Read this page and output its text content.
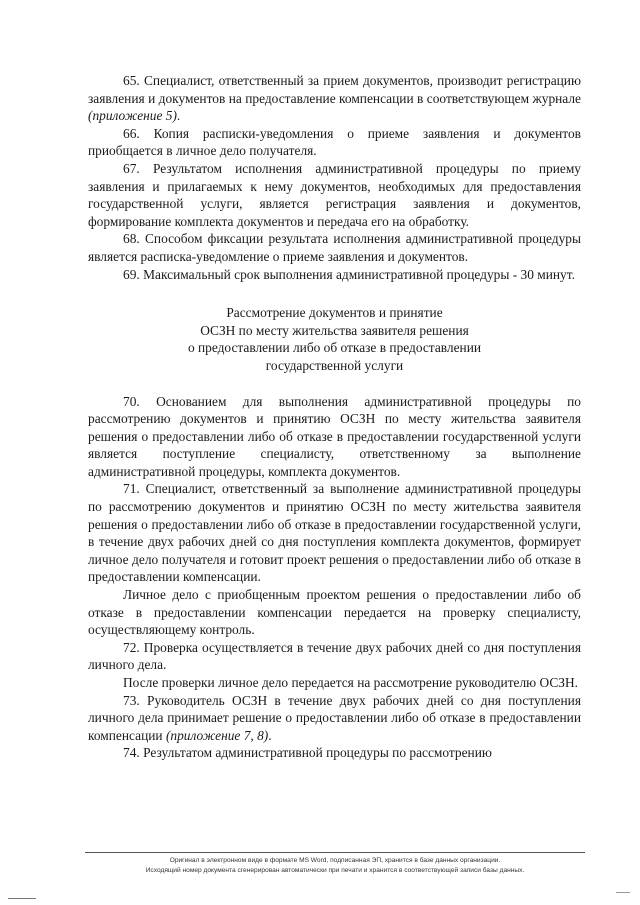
65. Специалист, ответственный за прием документов, производит регистрацию заявления и документов на предоставление компенсации в соответствующем журнале (приложение 5).

66. Копия расписки-уведомления о приеме заявления и документов приобщается в личное дело получателя.

67. Результатом исполнения административной процедуры по приему заявления и прилагаемых к нему документов, необходимых для предоставления государственной услуги, является регистрация заявления и документов, формирование комплекта документов и передача его на обработку.

68. Способом фиксации результата исполнения административной процедуры является расписка-уведомление о приеме заявления и документов.

69. Максимальный срок выполнения административной процедуры - 30 минут.

Рассмотрение документов и принятие
ОСЗН по месту жительства заявителя решения
о предоставлении либо об отказе в предоставлении
государственной услуги

70. Основанием для выполнения административной процедуры по рассмотрению документов и принятию ОСЗН по месту жительства заявителя решения о предоставлении либо об отказе в предоставлении государственной услуги является поступление специалисту, ответственному за выполнение административной процедуры, комплекта документов.

71. Специалист, ответственный за выполнение административной процедуры по рассмотрению документов и принятию ОСЗН по месту жительства заявителя решения о предоставлении либо об отказе в предоставлении государственной услуги, в течение двух рабочих дней со дня поступления комплекта документов, формирует личное дело получателя и готовит проект решения о предоставлении либо об отказе в предоставлении компенсации.

Личное дело с приобщенным проектом решения о предоставлении либо об отказе в предоставлении компенсации передается на проверку специалисту, осуществляющему контроль.

72. Проверка осуществляется в течение двух рабочих дней со дня поступления личного дела.

После проверки личное дело передается на рассмотрение руководителю ОСЗН.

73. Руководитель ОСЗН в течение двух рабочих дней со дня поступления личного дела принимает решение о предоставлении либо об отказе в предоставлении компенсации (приложение 7, 8).

74. Результатом административной процедуры по рассмотрению

Оригинал в электронном виде в формате MS Word, подписанная ЭП, хранится в базе данных организации.
Исходящий номер документа сгенерирован автоматически при печати и хранится в соответствующей записи базы данных.
